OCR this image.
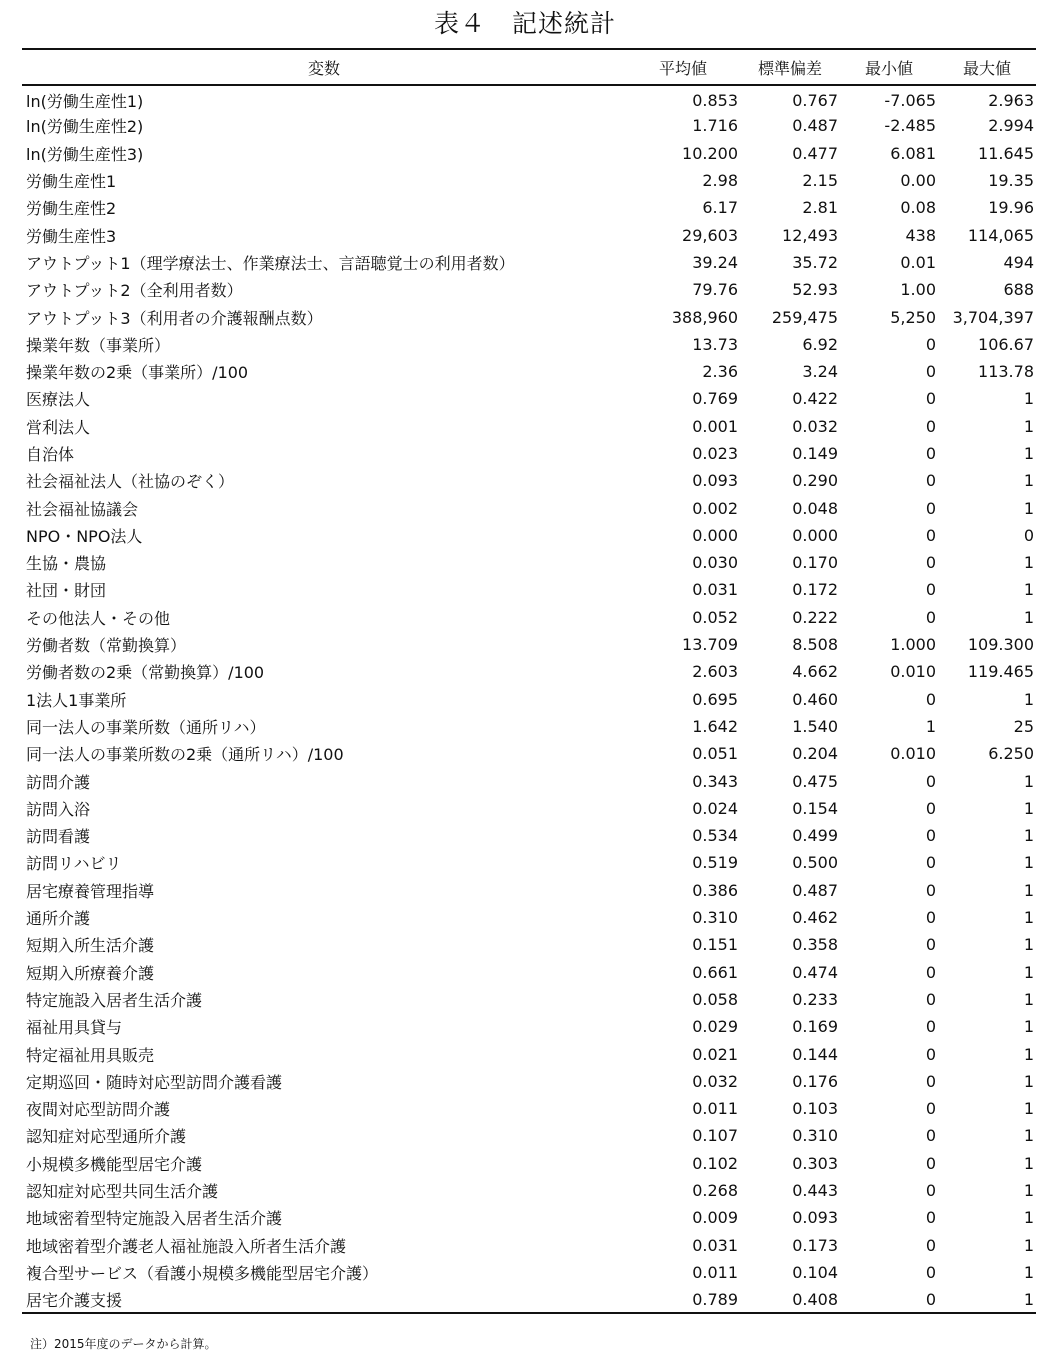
表４ 記述統計
変数	平均値	標準偏差	最小値	最大値
ln(労働生産性1)	0.853	0.767	-7.065	2.963
ln(労働生産性2)	1.716	0.487	-2.485	2.994
ln(労働生産性3)	10.200	0.477	6.081	11.645
労働生産性1	2.98	2.15	0.00	19.35
労働生産性2	6.17	2.81	0.08	19.96
労働生産性3	29,603	12,493	438	114,065
アウトプット1（理学療法士、作業療法士、言語聴覚士の利用者数）	39.24	35.72	0.01	494
アウトプット2（全利用者数）	79.76	52.93	1.00	688
アウトプット3（利用者の介護報酬点数）	388,960	259,475	5,250	3,704,397
操業年数（事業所）	13.73	6.92	0	106.67
操業年数の2乗（事業所）/100	2.36	3.24	0	113.78
医療法人	0.769	0.422	0	1
営利法人	0.001	0.032	0	1
自治体	0.023	0.149	0	1
社会福祉法人（社協のぞく）	0.093	0.290	0	1
社会福祉協議会	0.002	0.048	0	1
NPO・NPO法人	0.000	0.000	0	0
生協・農協	0.030	0.170	0	1
社団・財団	0.031	0.172	0	1
その他法人・その他	0.052	0.222	0	1
労働者数（常勤換算）	13.709	8.508	1.000	109.300
労働者数の2乗（常勤換算）/100	2.603	4.662	0.010	119.465
1法人1事業所	0.695	0.460	0	1
同一法人の事業所数（通所リハ）	1.642	1.540	1	25
同一法人の事業所数の2乗（通所リハ）/100	0.051	0.204	0.010	6.250
訪問介護	0.343	0.475	0	1
訪問入浴	0.024	0.154	0	1
訪問看護	0.534	0.499	0	1
訪問リハビリ	0.519	0.500	0	1
居宅療養管理指導	0.386	0.487	0	1
通所介護	0.310	0.462	0	1
短期入所生活介護	0.151	0.358	0	1
短期入所療養介護	0.661	0.474	0	1
特定施設入居者生活介護	0.058	0.233	0	1
福祉用具貸与	0.029	0.169	0	1
特定福祉用具販売	0.021	0.144	0	1
定期巡回・随時対応型訪問介護看護	0.032	0.176	0	1
夜間対応型訪問介護	0.011	0.103	0	1
認知症対応型通所介護	0.107	0.310	0	1
小規模多機能型居宅介護	0.102	0.303	0	1
認知症対応型共同生活介護	0.268	0.443	0	1
地域密着型特定施設入居者生活介護	0.009	0.093	0	1
地域密着型介護老人福祉施設入所者生活介護	0.031	0.173	0	1
複合型サービス（看護小規模多機能型居宅介護）	0.011	0.104	0	1
居宅介護支援	0.789	0.408	0	1
注）2015年度のデータから計算。
